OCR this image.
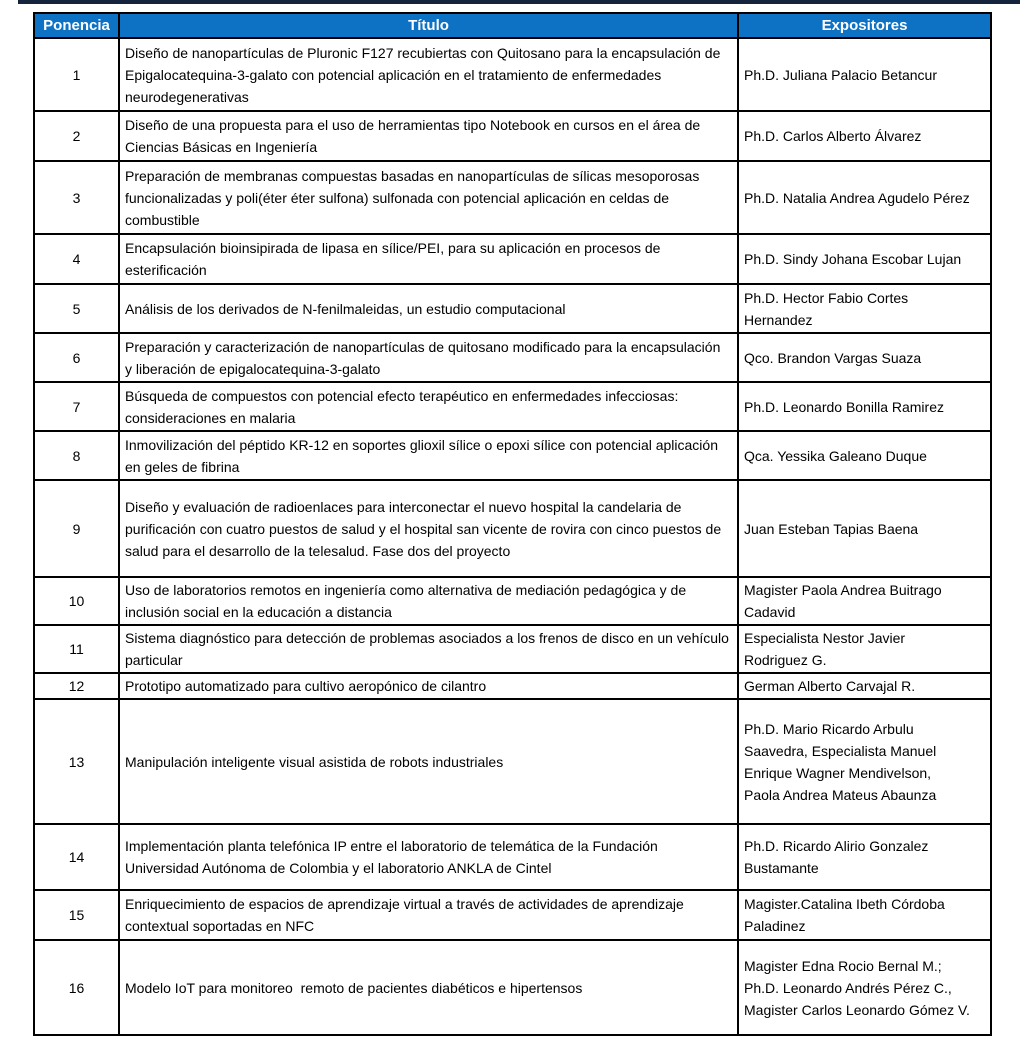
Ponencia	Título	Expositores
1	Diseño de nanopartículas de Pluronic F127 recubiertas con Quitosano para la encapsulación de Epigalocatequina-3-galato con potencial aplicación en el tratamiento de enfermedades neurodegenerativas	Ph.D. Juliana Palacio Betancur
2	Diseño de una propuesta para el uso de herramientas tipo Notebook en cursos en el área de Ciencias Básicas en Ingeniería	Ph.D. Carlos Alberto Álvarez
3	Preparación de membranas compuestas basadas en nanopartículas de sílicas mesoporosas funcionalizadas y poli(éter éter sulfona) sulfonada con potencial aplicación en celdas de combustible	Ph.D. Natalia Andrea Agudelo Pérez
4	Encapsulación bioinsipirada de lipasa en sílice/PEI, para su aplicación en procesos de esterificación	Ph.D. Sindy Johana Escobar Lujan
5	Análisis de los derivados de N-fenilmaleidas, un estudio computacional	Ph.D. Hector Fabio Cortes Hernandez
6	Preparación y caracterización de nanopartículas de quitosano modificado para la encapsulación y liberación de epigalocatequina-3-galato	Qco. Brandon Vargas Suaza
7	Búsqueda de compuestos con potencial efecto terapéutico en enfermedades infecciosas: consideraciones en malaria	Ph.D. Leonardo Bonilla Ramirez
8	Inmovilización del péptido KR-12 en soportes glioxil sílice o epoxi sílice con potencial aplicación en geles de fibrina	Qca. Yessika Galeano Duque
9	Diseño y evaluación de radioenlaces para interconectar el nuevo hospital la candelaria de purificación con cuatro puestos de salud y el hospital san vicente de rovira con cinco puestos de salud para el desarrollo de la telesalud. Fase dos del proyecto	Juan Esteban Tapias Baena
10	Uso de laboratorios remotos en ingeniería como alternativa de mediación pedagógica y de inclusión social en la educación a distancia	Magister Paola Andrea Buitrago Cadavid
11	Sistema diagnóstico para detección de problemas asociados a los frenos de disco en un vehículo particular	Especialista Nestor Javier Rodriguez G.
12	Prototipo automatizado para cultivo aeropónico de cilantro	German Alberto Carvajal R.
13	Manipulación inteligente visual asistida de robots industriales	Ph.D. Mario Ricardo Arbulu Saavedra, Especialista Manuel Enrique Wagner Mendivelson, Paola Andrea Mateus Abaunza
14	Implementación planta telefónica IP entre el laboratorio de telemática de la Fundación Universidad Autónoma de Colombia y el laboratorio ANKLA de Cintel	Ph.D. Ricardo Alirio Gonzalez Bustamante
15	Enriquecimiento de espacios de aprendizaje virtual a través de actividades de aprendizaje contextual soportadas en NFC	Magister.Catalina Ibeth Córdoba Paladinez
16	Modelo IoT para monitoreo  remoto de pacientes diabéticos e hipertensos	Magister Edna Rocio Bernal M.; Ph.D. Leonardo Andrés Pérez C., Magister Carlos Leonardo Gómez V.
